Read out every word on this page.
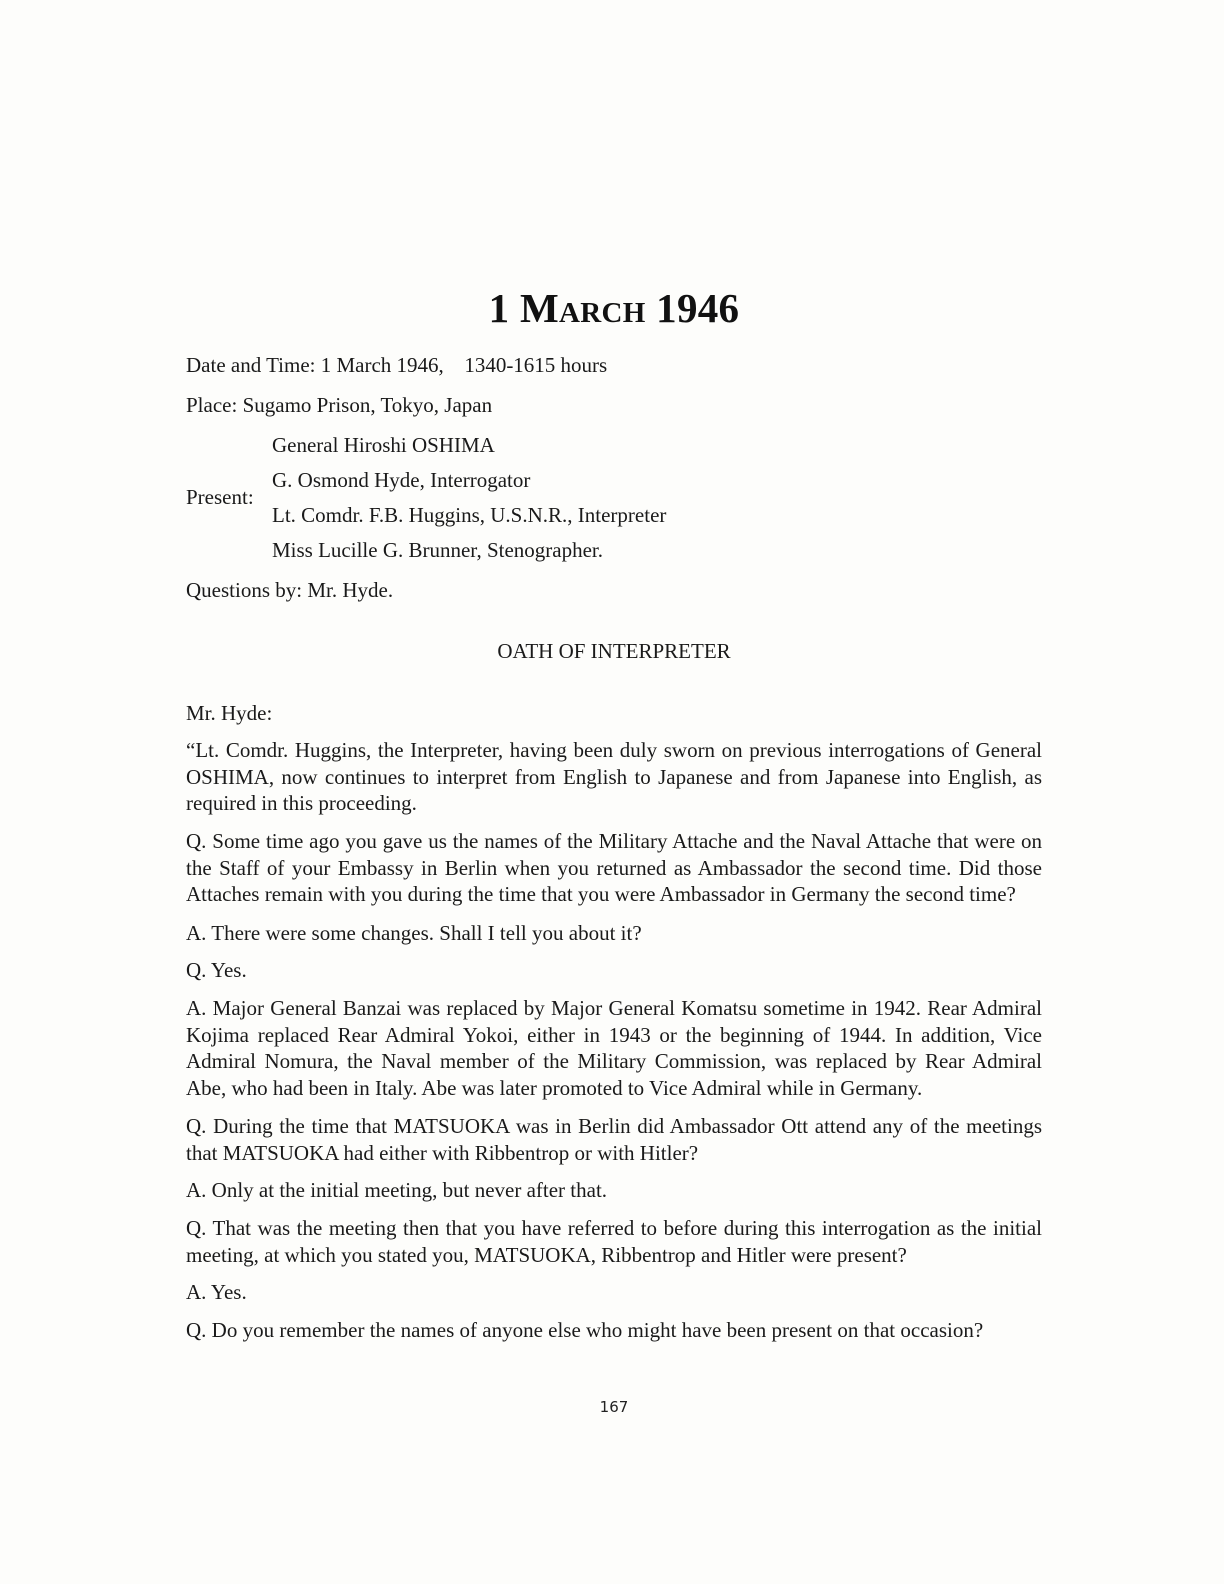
1 March 1946
Date and Time: 1 March 1946, 1340-1615 hours
Place: Sugamo Prison, Tokyo, Japan
Present:
General Hiroshi OSHIMA
G. Osmond Hyde, Interrogator
Lt. Comdr. F.B. Huggins, U.S.N.R., Interpreter
Miss Lucille G. Brunner, Stenographer.
Questions by: Mr. Hyde.
OATH OF INTERPRETER
Mr. Hyde:
“Lt. Comdr. Huggins, the Interpreter, having been duly sworn on previous interrogations of General OSHIMA, now continues to interpret from English to Japanese and from Japanese into English, as required in this proceeding.
Q. Some time ago you gave us the names of the Military Attache and the Naval Attache that were on the Staff of your Embassy in Berlin when you returned as Ambassador the second time. Did those Attaches remain with you during the time that you were Ambassador in Germany the second time?
A. There were some changes. Shall I tell you about it?
Q. Yes.
A. Major General Banzai was replaced by Major General Komatsu sometime in 1942. Rear Admiral Kojima replaced Rear Admiral Yokoi, either in 1943 or the beginning of 1944. In addition, Vice Admiral Nomura, the Naval member of the Military Commission, was replaced by Rear Admiral Abe, who had been in Italy. Abe was later promoted to Vice Admiral while in Germany.
Q. During the time that MATSUOKA was in Berlin did Ambassador Ott attend any of the meetings that MATSUOKA had either with Ribbentrop or with Hitler?
A. Only at the initial meeting, but never after that.
Q. That was the meeting then that you have referred to before during this interrogation as the initial meeting, at which you stated you, MATSUOKA, Ribbentrop and Hitler were present?
A. Yes.
Q. Do you remember the names of anyone else who might have been present on that occasion?
167
